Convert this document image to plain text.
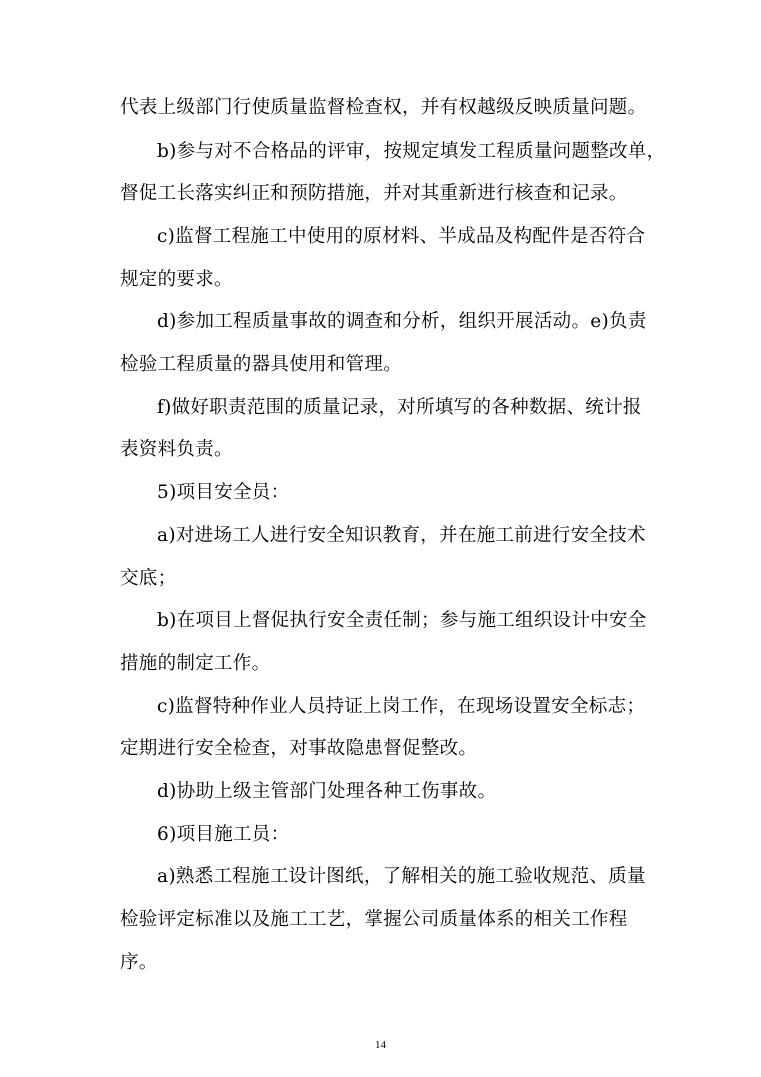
代表上级部门行使质量监督检查权，并有权越级反映质量问题。
b)参与对不合格品的评审，按规定填发工程质量问题整改单，
督促工长落实纠正和预防措施，并对其重新进行核查和记录。
c)监督工程施工中使用的原材料、半成品及构配件是否符合
规定的要求。
d)参加工程质量事故的调查和分析，组织开展活动。e)负责
检验工程质量的器具使用和管理。
f)做好职责范围的质量记录，对所填写的各种数据、统计报
表资料负责。
5)项目安全员：
a)对进场工人进行安全知识教育，并在施工前进行安全技术
交底；
b)在项目上督促执行安全责任制；参与施工组织设计中安全
措施的制定工作。
c)监督特种作业人员持证上岗工作，在现场设置安全标志；
定期进行安全检查，对事故隐患督促整改。
d)协助上级主管部门处理各种工伤事故。
6)项目施工员：
a)熟悉工程施工设计图纸，了解相关的施工验收规范、质量
检验评定标准以及施工工艺，掌握公司质量体系的相关工作程
序。
14
